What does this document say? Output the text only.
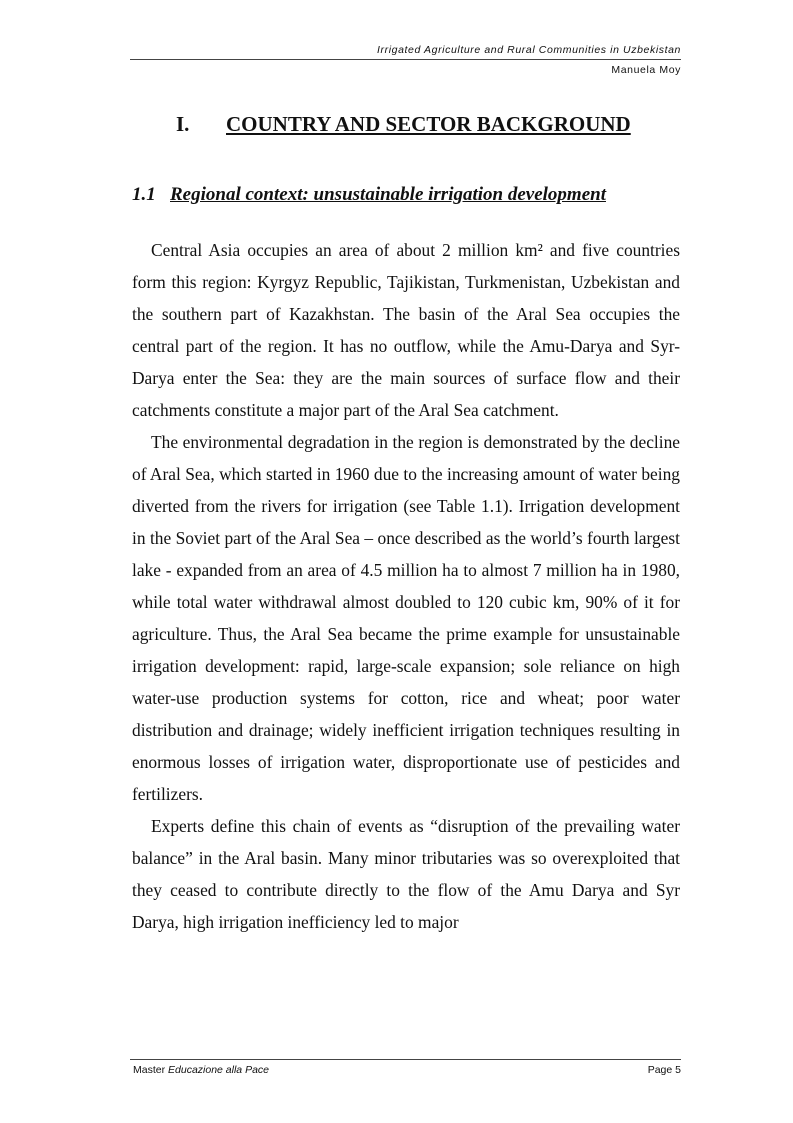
Irrigated Agriculture and Rural Communities in Uzbekistan
Manuela Moy
I. COUNTRY AND SECTOR BACKGROUND
1.1 Regional context: unsustainable irrigation development

Central Asia occupies an area of about 2 million km² and five countries form this region: Kyrgyz Republic, Tajikistan, Turkmenistan, Uzbekistan and the southern part of Kazakhstan. The basin of the Aral Sea occupies the central part of the region. It has no outflow, while the Amu-Darya and Syr-Darya enter the Sea: they are the main sources of surface flow and their catchments constitute a major part of the Aral Sea catchment.

The environmental degradation in the region is demonstrated by the decline of Aral Sea, which started in 1960 due to the increasing amount of water being diverted from the rivers for irrigation (see Table 1.1). Irrigation development in the Soviet part of the Aral Sea – once described as the world’s fourth largest lake - expanded from an area of 4.5 million ha to almost 7 million ha in 1980, while total water withdrawal almost doubled to 120 cubic km, 90% of it for agriculture. Thus, the Aral Sea became the prime example for unsustainable irrigation development: rapid, large-scale expansion; sole reliance on high water-use production systems for cotton, rice and wheat; poor water distribution and drainage; widely inefficient irrigation techniques resulting in enormous losses of irrigation water, disproportionate use of pesticides and fertilizers.

Experts define this chain of events as “disruption of the prevailing water balance” in the Aral basin. Many minor tributaries was so overexploited that they ceased to contribute directly to the flow of the Amu Darya and Syr Darya, high irrigation inefficiency led to major

Master Educazione alla Pace	Page 5
